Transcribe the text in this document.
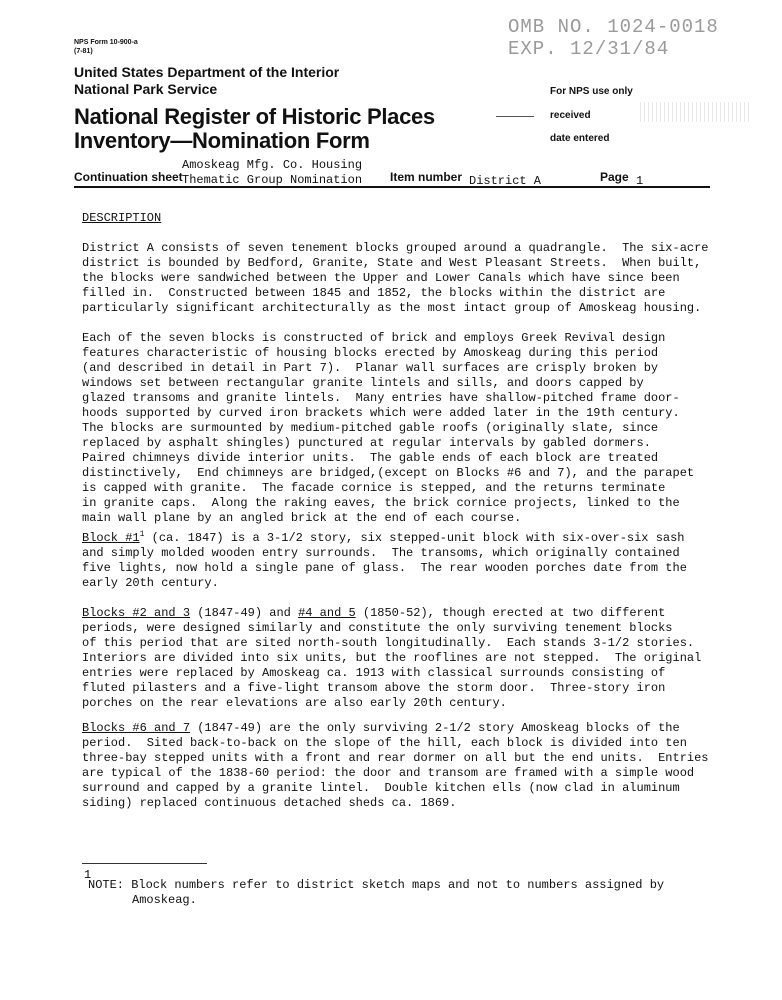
NPS Form 10-900-a
(7-81)
OMB NO. 1024-0018
EXP. 12/31/84
United States Department of the Interior
National Park Service
National Register of Historic Places
Inventory—Nomination Form
For NPS use only
received
date entered
Continuation sheet
Amoskeag Mfg. Co. Housing
Thematic Group Nomination Item number District A	Page 1
DESCRIPTION
District A consists of seven tenement blocks grouped around a quadrangle.  The six-acre
district is bounded by Bedford, Granite, State and West Pleasant Streets.  When built,
the blocks were sandwiched between the Upper and Lower Canals which have since been
filled in.  Constructed between 1845 and 1852, the blocks within the district are
particularly significant architecturally as the most intact group of Amoskeag housing.
Each of the seven blocks is constructed of brick and employs Greek Revival design
features characteristic of housing blocks erected by Amoskeag during this period
(and described in detail in Part 7).  Planar wall surfaces are crisply broken by
windows set between rectangular granite lintels and sills, and doors capped by
glazed transoms and granite lintels.  Many entries have shallow-pitched frame door-
hoods supported by curved iron brackets which were added later in the 19th century.
The blocks are surmounted by medium-pitched gable roofs (originally slate, since
replaced by asphalt shingles) punctured at regular intervals by gabled dormers.
Paired chimneys divide interior units.  The gable ends of each block are treated
distinctively,  End chimneys are bridged,(except on Blocks #6 and 7), and the parapet
is capped with granite.  The facade cornice is stepped, and the returns terminate
in granite caps.  Along the raking eaves, the brick cornice projects, linked to the
main wall plane by an angled brick at the end of each course.
Block $\#1^1$ (ca. 1847) is a 3-1/2 story, six stepped-unit block with six-over-six sash
and simply molded wooden entry surrounds.  The transoms, which originally contained
five lights, now hold a single pane of glass.  The rear wooden porches date from the
early 20th century.
Blocks #2 and 3 (1847-49) and #4 and 5 (1850-52), though erected at two different
periods, were designed similarly and constitute the only surviving tenement blocks
of this period that are sited north-south longitudinally.  Each stands 3-1/2 stories.
Interiors are divided into six units, but the rooflines are not stepped.  The original
entries were replaced by Amoskeag ca. 1913 with classical surrounds consisting of
fluted pilasters and a five-light transom above the storm door.  Three-story iron
porches on the rear elevations are also early 20th century.
Blocks #6 and 7 (1847-49) are the only surviving 2-1/2 story Amoskeag blocks of the
period.  Sited back-to-back on the slope of the hill, each block is divided into ten
three-bay stepped units with a front and rear dormer on all but the end units.  Entries
are typical of the 1838-60 period: the door and transom are framed with a simple wood
surround and capped by a granite lintel.  Double kitchen ells (now clad in aluminum
siding) replaced continuous detached sheds ca. 1869.
1
NOTE: Block numbers refer to district sketch maps and not to numbers assigned by
Amoskeag.
